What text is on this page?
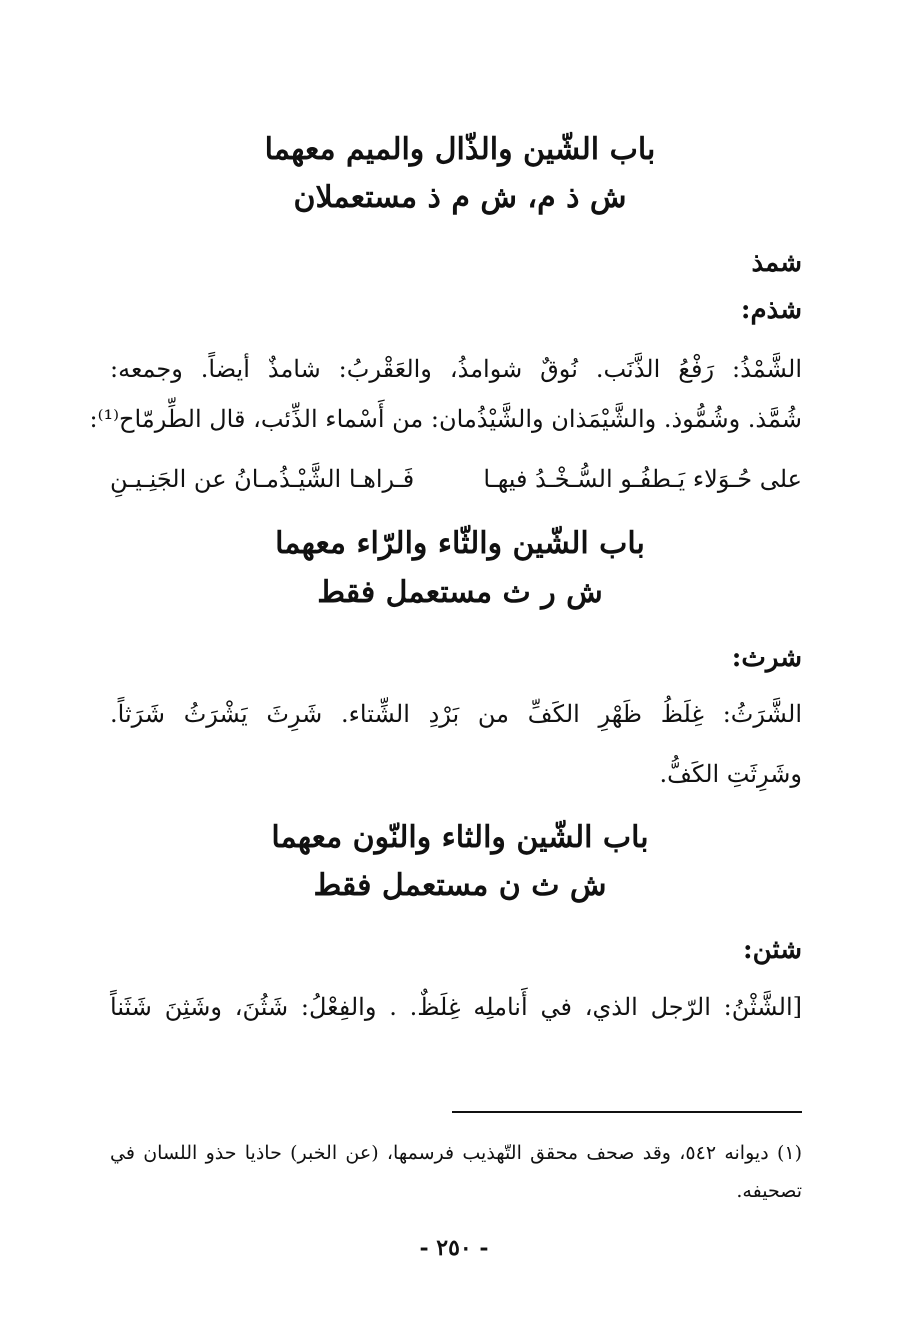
باب الشّين والذّال والميم معهما
ش ذ م، ش م ذ مستعملان
شمذ
شذم:
الشَّمْذُ: رَفْعُ الذَّنَب. نُوقٌ شوامذُ، والعَقْربُ: شامذٌ أيضاً. وجمعه:
شُمَّذ. وشُمُّوذ. والشَّيْمَذان والشَّيْذُمان: من أَسْماء الذِّئب، قال الطِّرمّاح⁽¹⁾:
على حُـوَلاء يَـطفُـو السُّـخْـدُ فيهـا
فَـراهـا الشَّيْـذُمـانُ عن الجَنِـيـنِ
باب الشّين والثّاء والرّاء معهما
ش ر ث مستعمل فقط
شرث:
الشَّرَثُ: غِلَظُ ظَهْرِ الكَفِّ من بَرْدِ الشِّتاء. شَرِثَ يَشْرَثُ شَرَثاً.
وشَرِثَتِ الكَفُّ.
باب الشّين والثاء والنّون معهما
ش ث ن مستعمل فقط
شثن:
[الشَّثْنُ: الرّجل الذي، في أَناملِه غِلَظٌ. . والفِعْلُ: شَثُنَ، وشَثِنَ شَثَناً
(١) ديوانه ٥٤٢، وقد صحف محقق التّهذيب فرسمها، (عن الخبر) حاذيا حذو اللسان في
تصحيفه.
- ٢٥٠ -
